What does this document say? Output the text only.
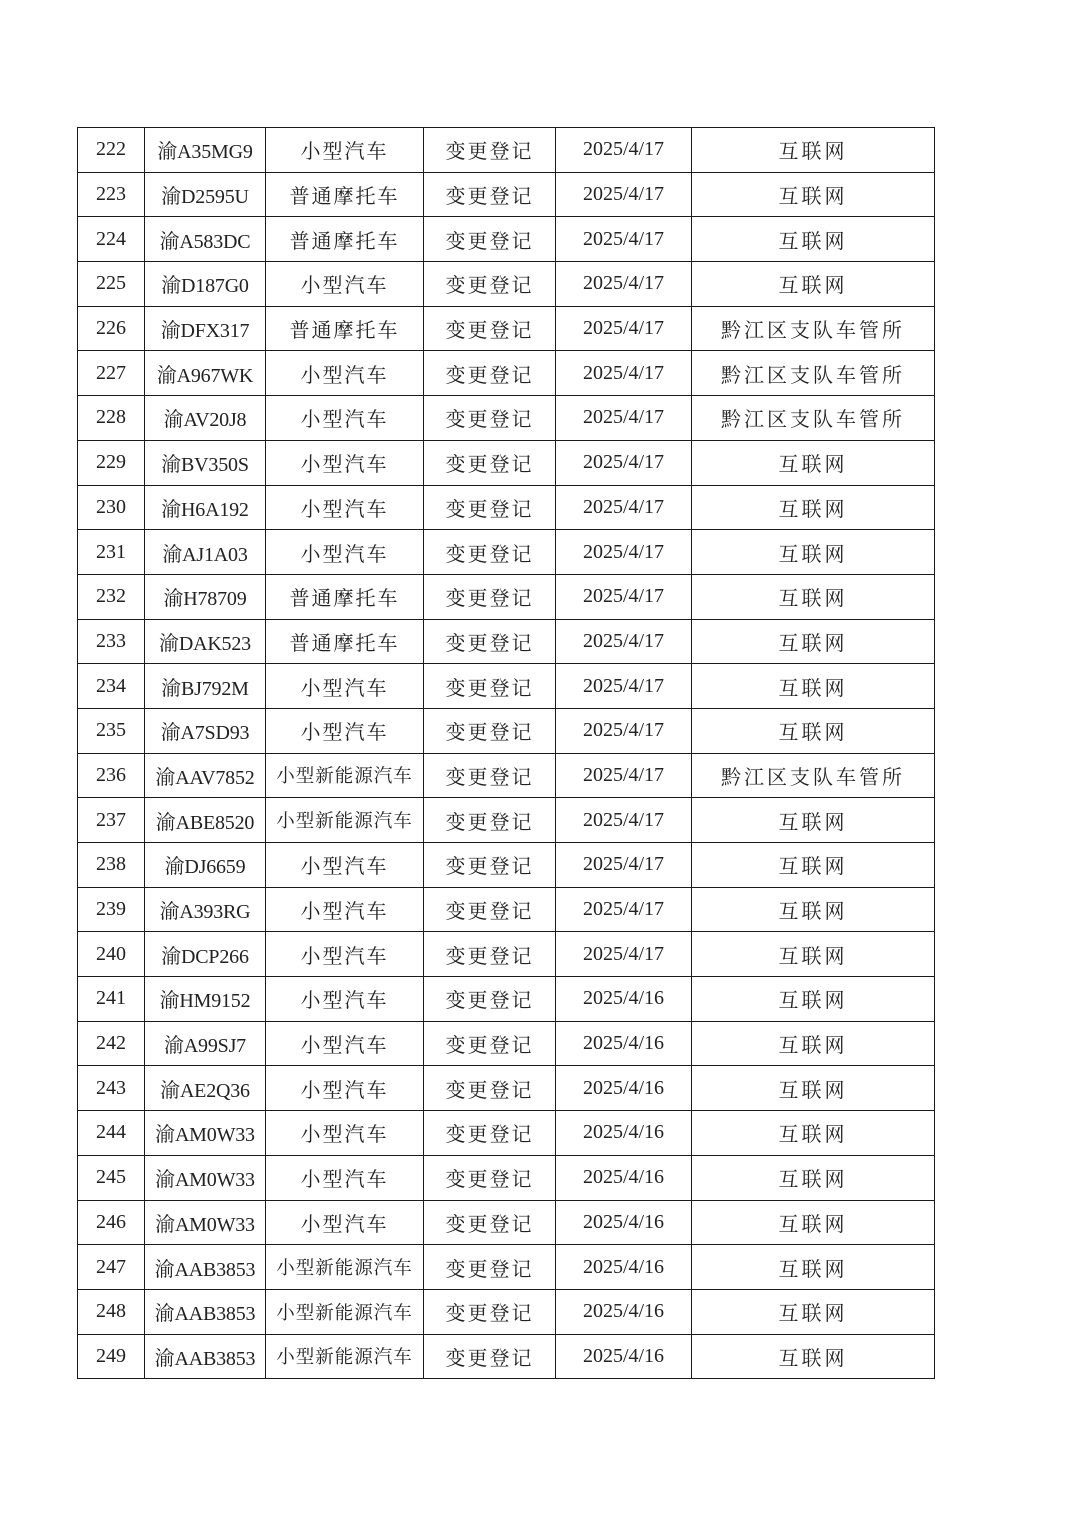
222	渝A35MG9	小型汽车	变更登记	2025/4/17	互联网
223	渝D2595U	普通摩托车	变更登记	2025/4/17	互联网
224	渝A583DC	普通摩托车	变更登记	2025/4/17	互联网
225	渝D187G0	小型汽车	变更登记	2025/4/17	互联网
226	渝DFX317	普通摩托车	变更登记	2025/4/17	黔江区支队车管所
227	渝A967WK	小型汽车	变更登记	2025/4/17	黔江区支队车管所
228	渝AV20J8	小型汽车	变更登记	2025/4/17	黔江区支队车管所
229	渝BV350S	小型汽车	变更登记	2025/4/17	互联网
230	渝H6A192	小型汽车	变更登记	2025/4/17	互联网
231	渝AJ1A03	小型汽车	变更登记	2025/4/17	互联网
232	渝H78709	普通摩托车	变更登记	2025/4/17	互联网
233	渝DAK523	普通摩托车	变更登记	2025/4/17	互联网
234	渝BJ792M	小型汽车	变更登记	2025/4/17	互联网
235	渝A7SD93	小型汽车	变更登记	2025/4/17	互联网
236	渝AAV7852	小型新能源汽车	变更登记	2025/4/17	黔江区支队车管所
237	渝ABE8520	小型新能源汽车	变更登记	2025/4/17	互联网
238	渝DJ6659	小型汽车	变更登记	2025/4/17	互联网
239	渝A393RG	小型汽车	变更登记	2025/4/17	互联网
240	渝DCP266	小型汽车	变更登记	2025/4/17	互联网
241	渝HM9152	小型汽车	变更登记	2025/4/16	互联网
242	渝A99SJ7	小型汽车	变更登记	2025/4/16	互联网
243	渝AE2Q36	小型汽车	变更登记	2025/4/16	互联网
244	渝AM0W33	小型汽车	变更登记	2025/4/16	互联网
245	渝AM0W33	小型汽车	变更登记	2025/4/16	互联网
246	渝AM0W33	小型汽车	变更登记	2025/4/16	互联网
247	渝AAB3853	小型新能源汽车	变更登记	2025/4/16	互联网
248	渝AAB3853	小型新能源汽车	变更登记	2025/4/16	互联网
249	渝AAB3853	小型新能源汽车	变更登记	2025/4/16	互联网
